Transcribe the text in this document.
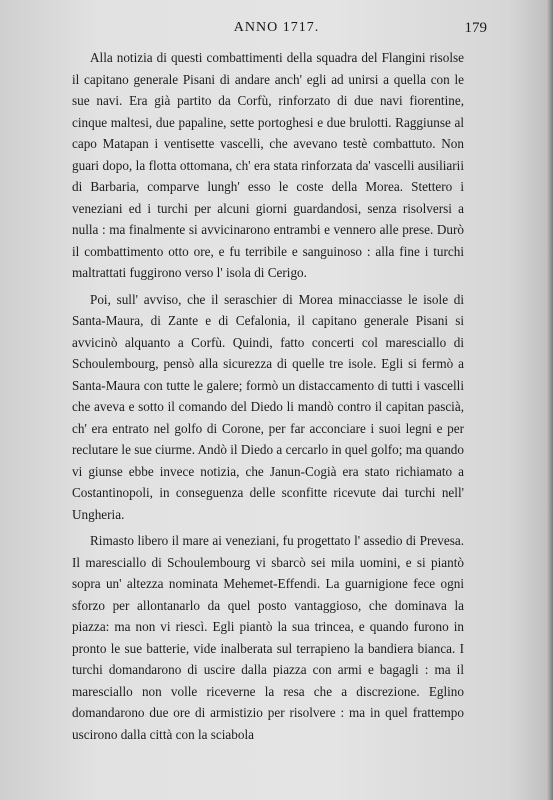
ANNO 1717.	179

Alla notizia di questi combattimenti della squadra del Flangini risolse il capitano generale Pisani di andare anch' egli ad unirsi a quella con le sue navi. Era già partito da Corfù, rinforzato di due navi fiorentine, cinque maltesi, due papaline, sette portoghesi e due brulotti. Raggiunse al capo Matapan i ventisette vascelli, che avevano testè combattuto. Non guari dopo, la flotta ottomana, ch' era stata rinforzata da' vascelli ausiliarii di Barbaria, comparve lungh' esso le coste della Morea. Stettero i veneziani ed i turchi per alcuni giorni guardandosi, senza risolversi a nulla : ma finalmente si avvicinarono entrambi e vennero alle prese. Durò il combattimento otto ore, e fu terribile e sanguinoso : alla fine i turchi maltrattati fuggirono verso l' isola di Cerigo.

Poi, sull' avviso, che il seraschier di Morea minacciasse le isole di Santa-Maura, di Zante e di Cefalonia, il capitano generale Pisani si avvicinò alquanto a Corfù. Quindi, fatto concerti col maresciallo di Schoulembourg, pensò alla sicurezza di quelle tre isole. Egli si fermò a Santa-Maura con tutte le galere; formò un distaccamento di tutti i vascelli che aveva e sotto il comando del Diedo li mandò contro il capitan pascià, ch' era entrato nel golfo di Corone, per far acconciare i suoi legni e per reclutare le sue ciurme. Andò il Diedo a cercarlo in quel golfo; ma quando vi giunse ebbe invece notizia, che Janun-Cogià era stato richiamato a Costantinopoli, in conseguenza delle sconfitte ricevute dai turchi nell' Ungheria.

Rimasto libero il mare ai veneziani, fu progettato l' assedio di Prevesa. Il maresciallo di Schoulembourg vi sbarcò sei mila uomini, e si piantò sopra un' altezza nominata Mehemet-Effendi. La guarnigione fece ogni sforzo per allontanarlo da quel posto vantaggioso, che dominava la piazza: ma non vi riescì. Egli piantò la sua trincea, e quando furono in pronto le sue batterie, vide inalberata sul terrapieno la bandiera bianca. I turchi domandarono di uscire dalla piazza con armi e bagagli : ma il maresciallo non volle riceverne la resa che a discrezione. Eglino domandarono due ore di armistizio per risolvere : ma in quel frattempo uscirono dalla città con la sciabola
